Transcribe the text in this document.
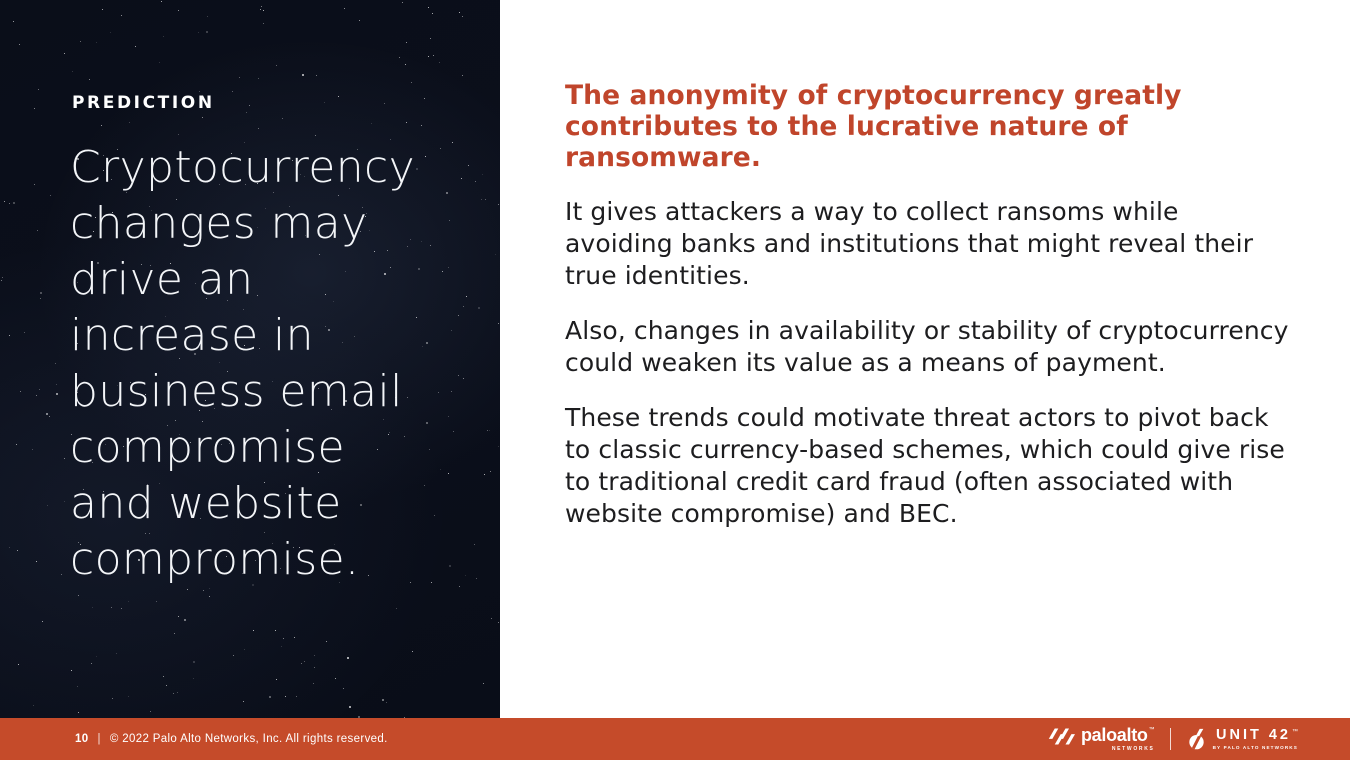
PREDICTION
Cryptocurrency
changes may
drive an
increase in
business email
compromise
and website
compromise.
The anonymity of cryptocurrency greatly
contributes to the lucrative nature of ransomware.

It gives attackers a way to collect ransoms while avoiding banks and institutions that might reveal their true identities.

Also, changes in availability or stability of cryptocurrency could weaken its value as a means of payment.

These trends could motivate threat actors to pivot back to classic currency-based schemes, which could give rise to traditional credit card fraud (often associated with website compromise) and BEC.

10 | © 2022 Palo Alto Networks, Inc. All rights reserved.	paloalto ™
NETWORKS
UNIT 42 ™
BY PALO ALTO NETWORKS
